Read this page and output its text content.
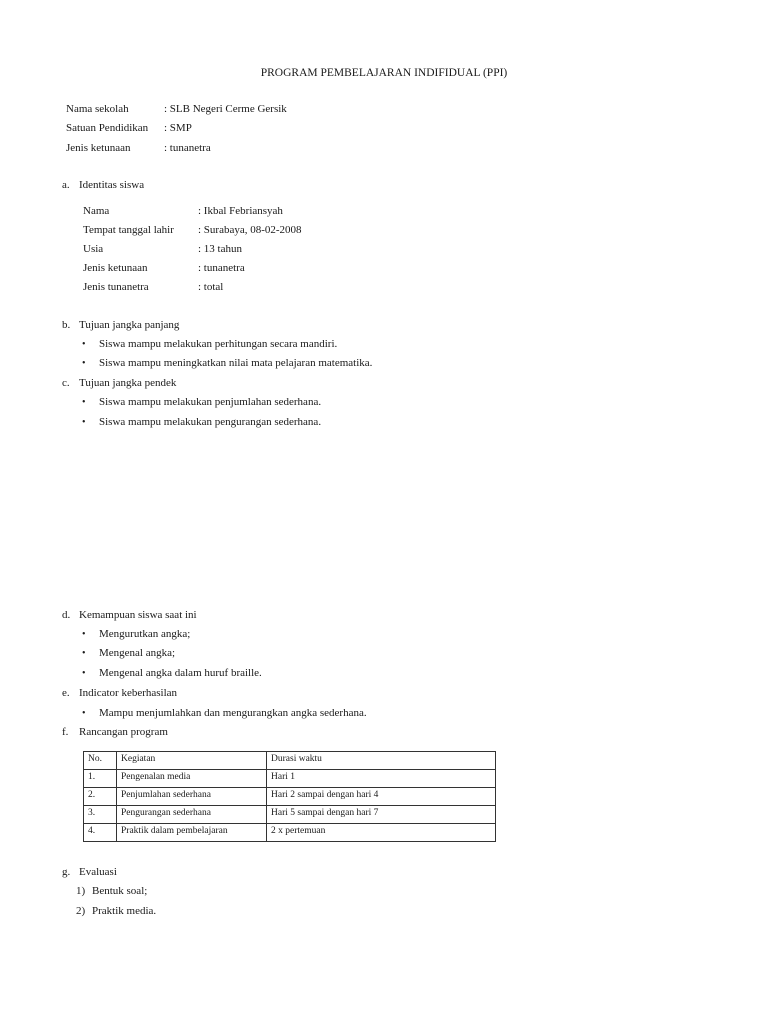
PROGRAM PEMBELAJARAN INDIFIDUAL (PPI)
Nama sekolah	: SLB Negeri Cerme Gersik
Satuan Pendidikan : SMP
Jenis ketunaan	: tunanetra
a. Identitas siswa
Nama	: Ikbal Febriansyah
Tempat tanggal lahir : Surabaya, 08-02-2008
Usia	: 13 tahun
Jenis ketunaan	: tunanetra
Jenis tunanetra	: total
b. Tujuan jangka panjang
• Siswa mampu melakukan perhitungan secara mandiri.
• Siswa mampu meningkatkan nilai mata pelajaran matematika.
c. Tujuan jangka pendek
• Siswa mampu melakukan penjumlahan sederhana.
• Siswa mampu melakukan pengurangan sederhana.
d. Kemampuan siswa saat ini
• Mengurutkan angka;
• Mengenal angka;
• Mengenal angka dalam huruf braille.
e. Indicator keberhasilan
• Mampu menjumlahkan dan mengurangkan angka sederhana.
f. Rancangan program
No.	Kegiatan	Durasi waktu
1.	Pengenalan media	Hari 1
2.	Penjumlahan sederhana	Hari 2 sampai dengan hari 4
3.	Pengurangan sederhana	Hari 5 sampai dengan hari 7
4.	Praktik dalam pembelajaran	2 x pertemuan
g. Evaluasi
1) Bentuk soal;
2) Praktik media.
